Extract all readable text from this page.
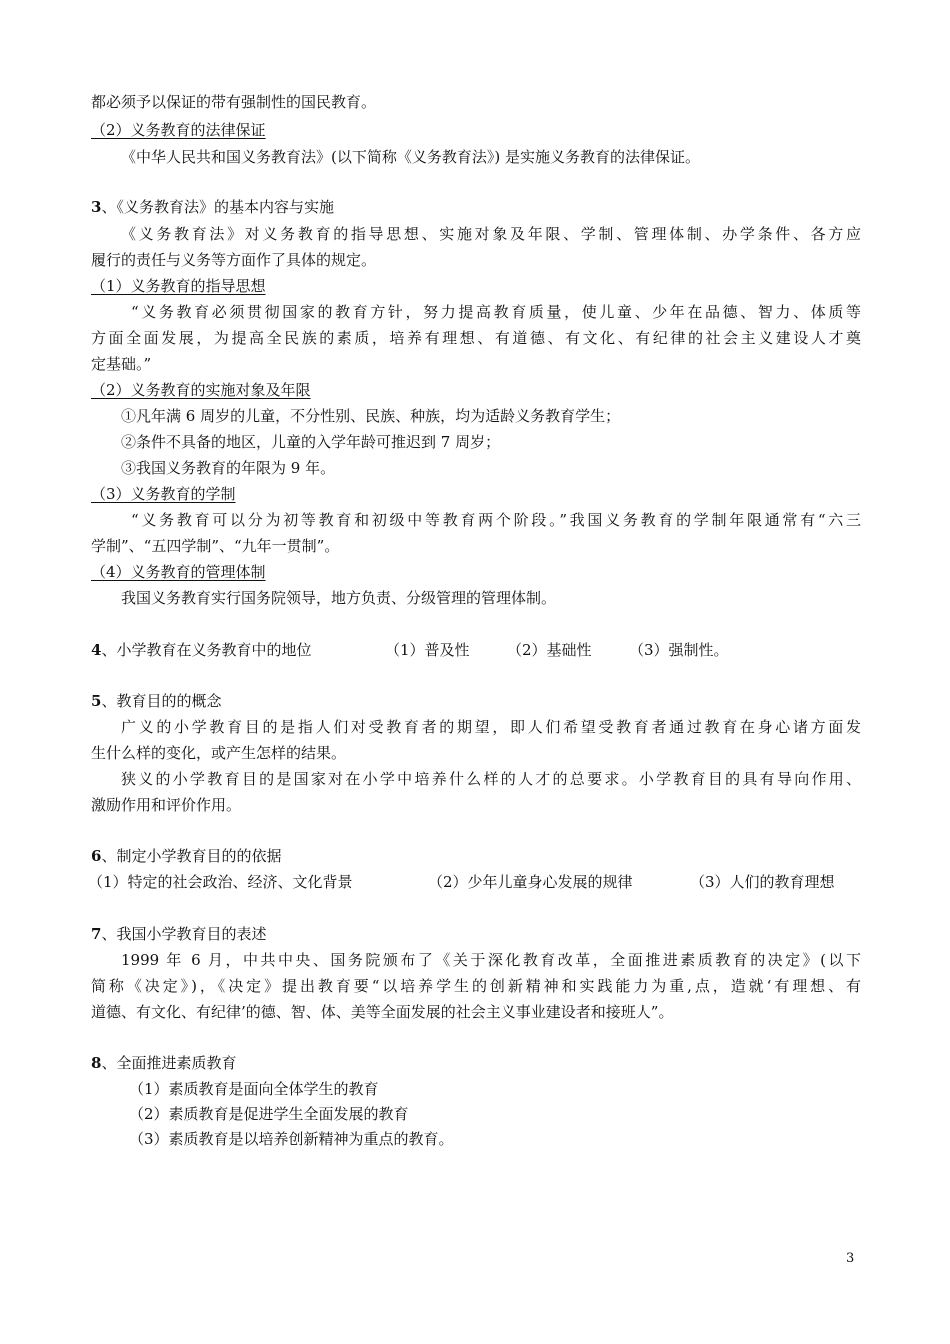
都必须予以保证的带有强制性的国民教育。
（2）义务教育的法律保证
《中华人民共和国义务教育法》(以下简称《义务教育法》) 是实施义务教育的法律保证。
3、《义务教育法》的基本内容与实施
《义务教育法》对义务教育的指导思想、实施对象及年限、学制、管理体制、办学条件、各方应
履行的责任与义务等方面作了具体的规定。
（1）义务教育的指导思想
“义务教育必须贯彻国家的教育方针，努力提高教育质量，使儿童、少年在品德、智力、体质等
方面全面发展，为提高全民族的素质，培养有理想、有道德、有文化、有纪律的社会主义建设人才奠
定基础。”
（2）义务教育的实施对象及年限
①凡年满 6 周岁的儿童，不分性别、民族、种族，均为适龄义务教育学生；
②条件不具备的地区，儿童的入学年龄可推迟到 7 周岁；
③我国义务教育的年限为 9 年。
（3）义务教育的学制
“义务教育可以分为初等教育和初级中等教育两个阶段。”我国义务教育的学制年限通常有“六三
学制”、“五四学制”、“九年一贯制”。
（4）义务教育的管理体制
我国义务教育实行国务院领导，地方负责、分级管理的管理体制。
4、小学教育在义务教育中的地位	（1）普及性 （2）基础性 （3）强制性。
5、教育目的的概念
广义的小学教育目的是指人们对受教育者的期望，即人们希望受教育者通过教育在身心诸方面发
生什么样的变化，或产生怎样的结果。
狭义的小学教育目的是国家对在小学中培养什么样的人才的总要求。小学教育目的具有导向作用、
激励作用和评价作用。
6、制定小学教育目的的依据
（1）特定的社会政治、经济、文化背景	（2）少年儿童身心发展的规律	（3）人们的教育理想
7、我国小学教育目的表述
1999 年 6 月，中共中央、国务院颁布了《关于深化教育改革，全面推进素质教育的决定》(以下
简称《决定》)，《决定》提出教育要“以培养学生的创新精神和实践能力为重,点，造就‘有理想、有
道德、有文化、有纪律’的德、智、体、美等全面发展的社会主义事业建设者和接班人”。
8、全面推进素质教育
（1）素质教育是面向全体学生的教育
（2）素质教育是促进学生全面发展的教育
（3）素质教育是以培养创新精神为重点的教育。
3
